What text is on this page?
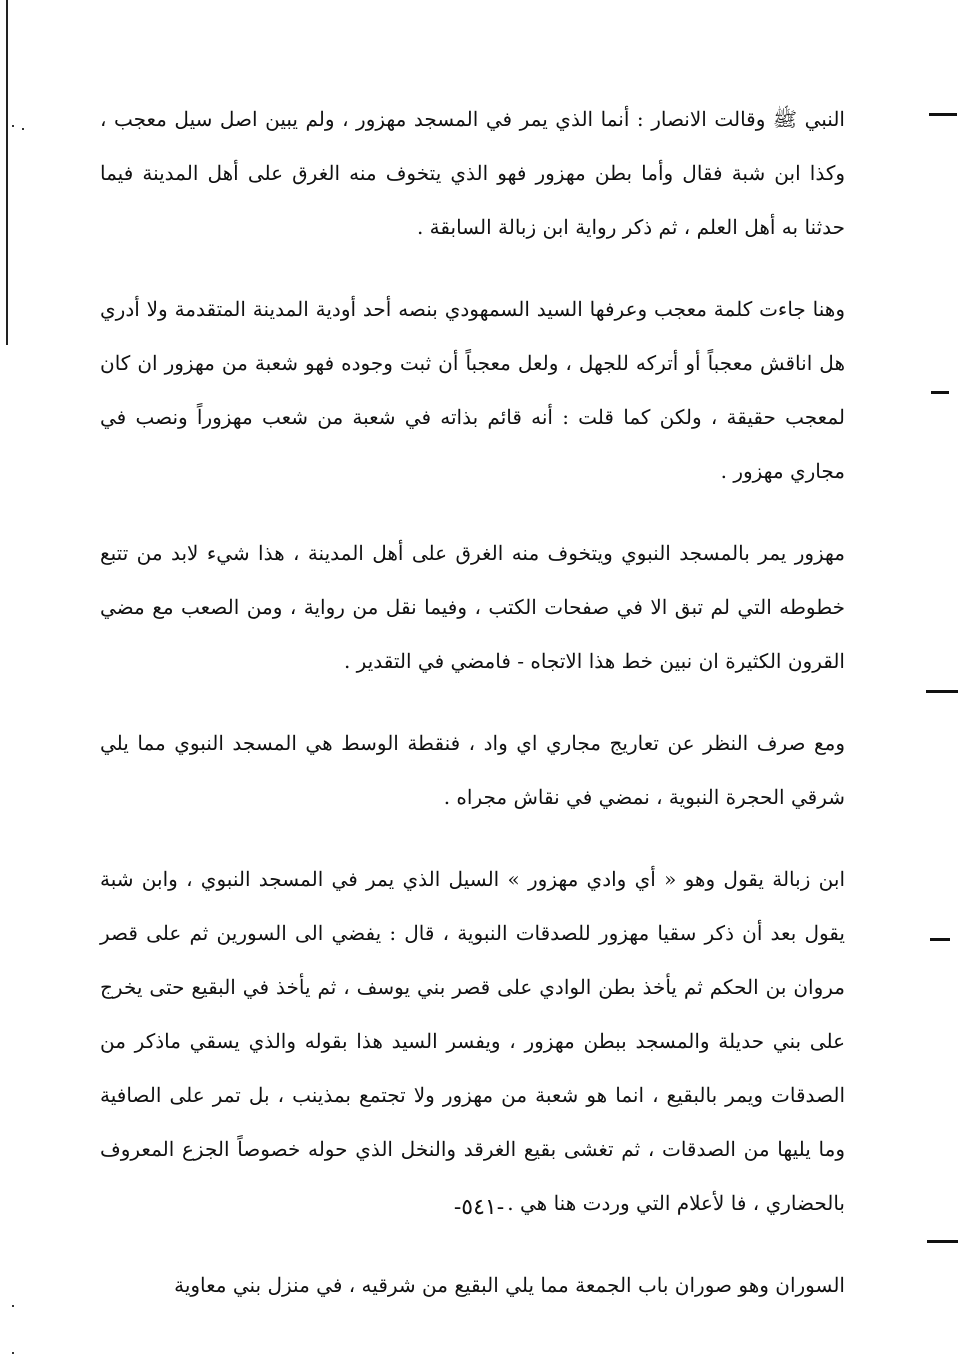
النبي ﷺ وقالت الانصار : أنما الذي يمر في المسجد مهزور ، ولم يبين اصل سيل معجب ، وكذا ابن شبة فقال وأما بطن مهزور فهو الذي يتخوف منه الغرق على أهل المدينة فيما حدثنا به أهل العلم ، ثم ذكر رواية ابن زبالة السابقة .

وهنا جاءت كلمة معجب وعرفها السيد السمهودي بنصه أحد أودية المدينة المتقدمة ولا أدري هل اناقش معجباً أو أتركه للجهل ، ولعل معجباً أن ثبت وجوده فهو شعبة من مهزور ان كان لمعجب حقيقة ، ولكن كما قلت : أنه قائم بذاته في شعبة من شعب مهزوراً ونصب في مجاري مهزور .

مهزور يمر بالمسجد النبوي ويتخوف منه الغرق على أهل المدينة ، هذا شيء لابد من تتبع خطوطه التي لم تبق الا في صفحات الكتب ، وفيما نقل من رواية ، ومن الصعب مع مضي القرون الكثيرة ان نبين خط هذا الاتجاه - فامضي في التقدير .

ومع صرف النظر عن تعاريج مجاري اي واد ، فنقطة الوسط هي المسجد النبوي مما يلي شرقي الحجرة النبوية ، نمضي في نقاش مجراه .

ابن زبالة يقول وهو « أي وادي مهزور » السيل الذي يمر في المسجد النبوي ، وابن شبة يقول بعد أن ذكر سقيا مهزور للصدقات النبوية ، قال : يفضي الى السورين ثم على قصر مروان بن الحكم ثم يأخذ بطن الوادي على قصر بني يوسف ، ثم يأخذ في البقيع حتى يخرج على بني حديلة والمسجد ببطن مهزور ، ويفسر السيد هذا بقوله والذي يسقي ماذكر من الصدقات ويمر بالبقيع ، انما هو شعبة من مهزور ولا تجتمع بمذينب ، بل تمر على الصافية وما يليها من الصدقات ، ثم تغشى بقيع الغرقد والنخل الذي حوله خصوصاً الجزع المعروف بالحضاري ، فا لأعلام التي وردت هنا هي .

السوران وهو صوران باب الجمعة مما يلي البقيع من شرقيه ، في منزل بني معاوية

-٥٤١-
